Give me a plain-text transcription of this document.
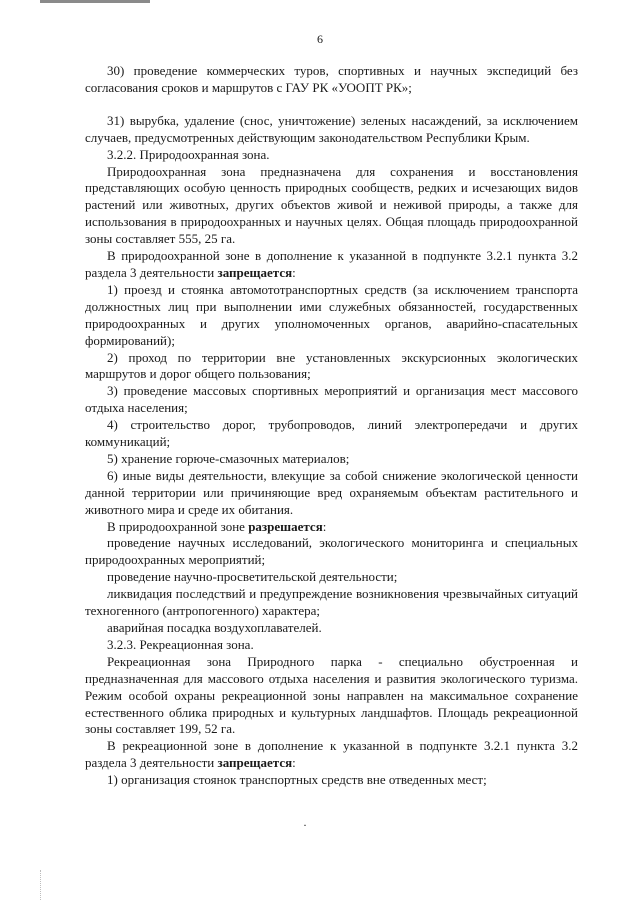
6

30) проведение коммерческих туров, спортивных и научных экспедиций без согласования сроков и маршрутов с ГАУ РК «УООПТ РК»;

31) вырубка, удаление (снос, уничтожение) зеленых насаждений, за исключением случаев, предусмотренных действующим законодательством Республики Крым.

3.2.2. Природоохранная зона.

Природоохранная зона предназначена для сохранения и восстановления представляющих особую ценность природных сообществ, редких и исчезающих видов растений или животных, других объектов живой и неживой природы, а также для использования в природоохранных и научных целях. Общая площадь природоохранной зоны составляет 555, 25 га.

В природоохранной зоне в дополнение к указанной в подпункте 3.2.1 пункта 3.2 раздела 3 деятельности запрещается:

1) проезд и стоянка автомототранспортных средств (за исключением транспорта должностных лиц при выполнении ими служебных обязанностей, государственных природоохранных и других уполномоченных органов, аварийно-спасательных формирований);

2) проход по территории вне установленных экскурсионных экологических маршрутов и дорог общего пользования;

3) проведение массовых спортивных мероприятий и организация мест массового отдыха населения;

4) строительство дорог, трубопроводов, линий электропередачи и других коммуникаций;

5) хранение горюче-смазочных материалов;

6) иные виды деятельности, влекущие за собой снижение экологической ценности данной территории или причиняющие вред охраняемым объектам растительного и животного мира и среде их обитания.

В природоохранной зоне разрешается:

проведение научных исследований, экологического мониторинга и специальных природоохранных мероприятий;

проведение научно-просветительской деятельности;

ликвидация последствий и предупреждение возникновения чрезвычайных ситуаций техногенного (антропогенного) характера;

аварийная посадка воздухоплавателей.

3.2.3. Рекреационная зона.

Рекреационная зона Природного парка - специально обустроенная и предназначенная для массового отдыха населения и развития экологического туризма. Режим особой охраны рекреационной зоны направлен на максимальное сохранение естественного облика природных и культурных ландшафтов. Площадь рекреационной зоны составляет 199, 52 га.

В рекреационной зоне в дополнение к указанной в подпункте 3.2.1 пункта 3.2 раздела 3 деятельности запрещается:

1) организация стоянок транспортных средств вне отведенных мест;

·
